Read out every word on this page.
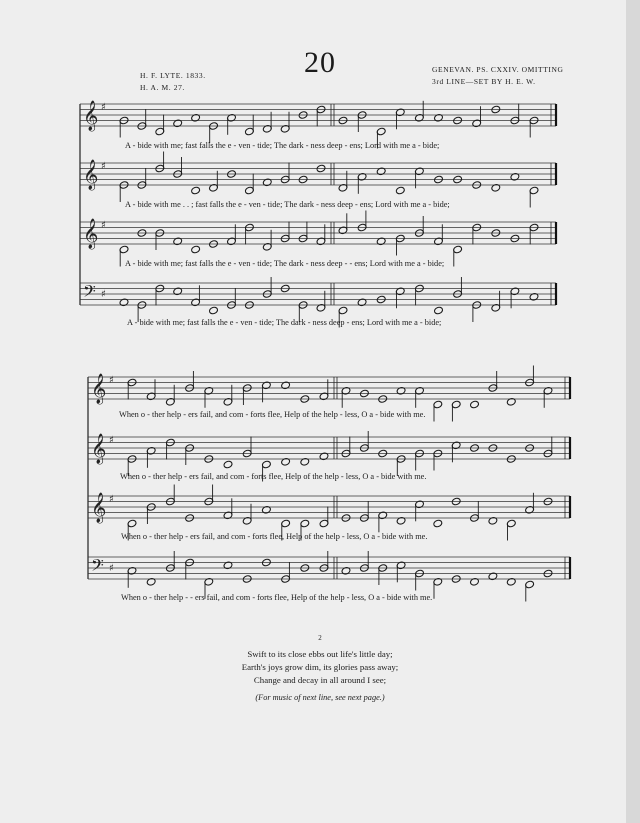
20
H. F. LYTE. 1833.
H. A. M. 27.
GENEVAN. PS. CXXIV. OMITTING
3rd LINE—SET BY H. E. W.
𝄞 ♯
𝄞 ♯
𝄞 ♯
𝄢 ♯
𝄞 ♯
𝄞 ♯
𝄞 ♯
𝄢 ♯
A - bide with me; fast falls the e - ven - tide; The dark - ness deep - ens; Lord with me a - bide;
A - bide with me . . ; fast falls the e - ven - tide; The dark - ness deep - ens; Lord with me a - bide;
A - bide with me; fast falls the e - ven - tide; The dark - ness deep - - ens; Lord with me a - bide;
A - bide with me; fast falls the e - ven - tide; The dark - ness deep - ens; Lord with me a - bide;
When o - ther help - ers fail, and com - forts flee, Help of the help - less, O a - bide with me.
When o - ther help - ers fail, and com - forts flee, Help of the help - less, O a - bide with me.
When o - ther help - ers fail, and com - forts flee, Help of the help - less, O a - bide with me.
When o - ther help - - ers fail, and com - forts flee, Help of the help - less, O a - bide with me.
2
Swift to its close ebbs out life's little day;
Earth's joys grow dim, its glories pass away;
Change and decay in all around I see;
(For music of next line, see next page.)
